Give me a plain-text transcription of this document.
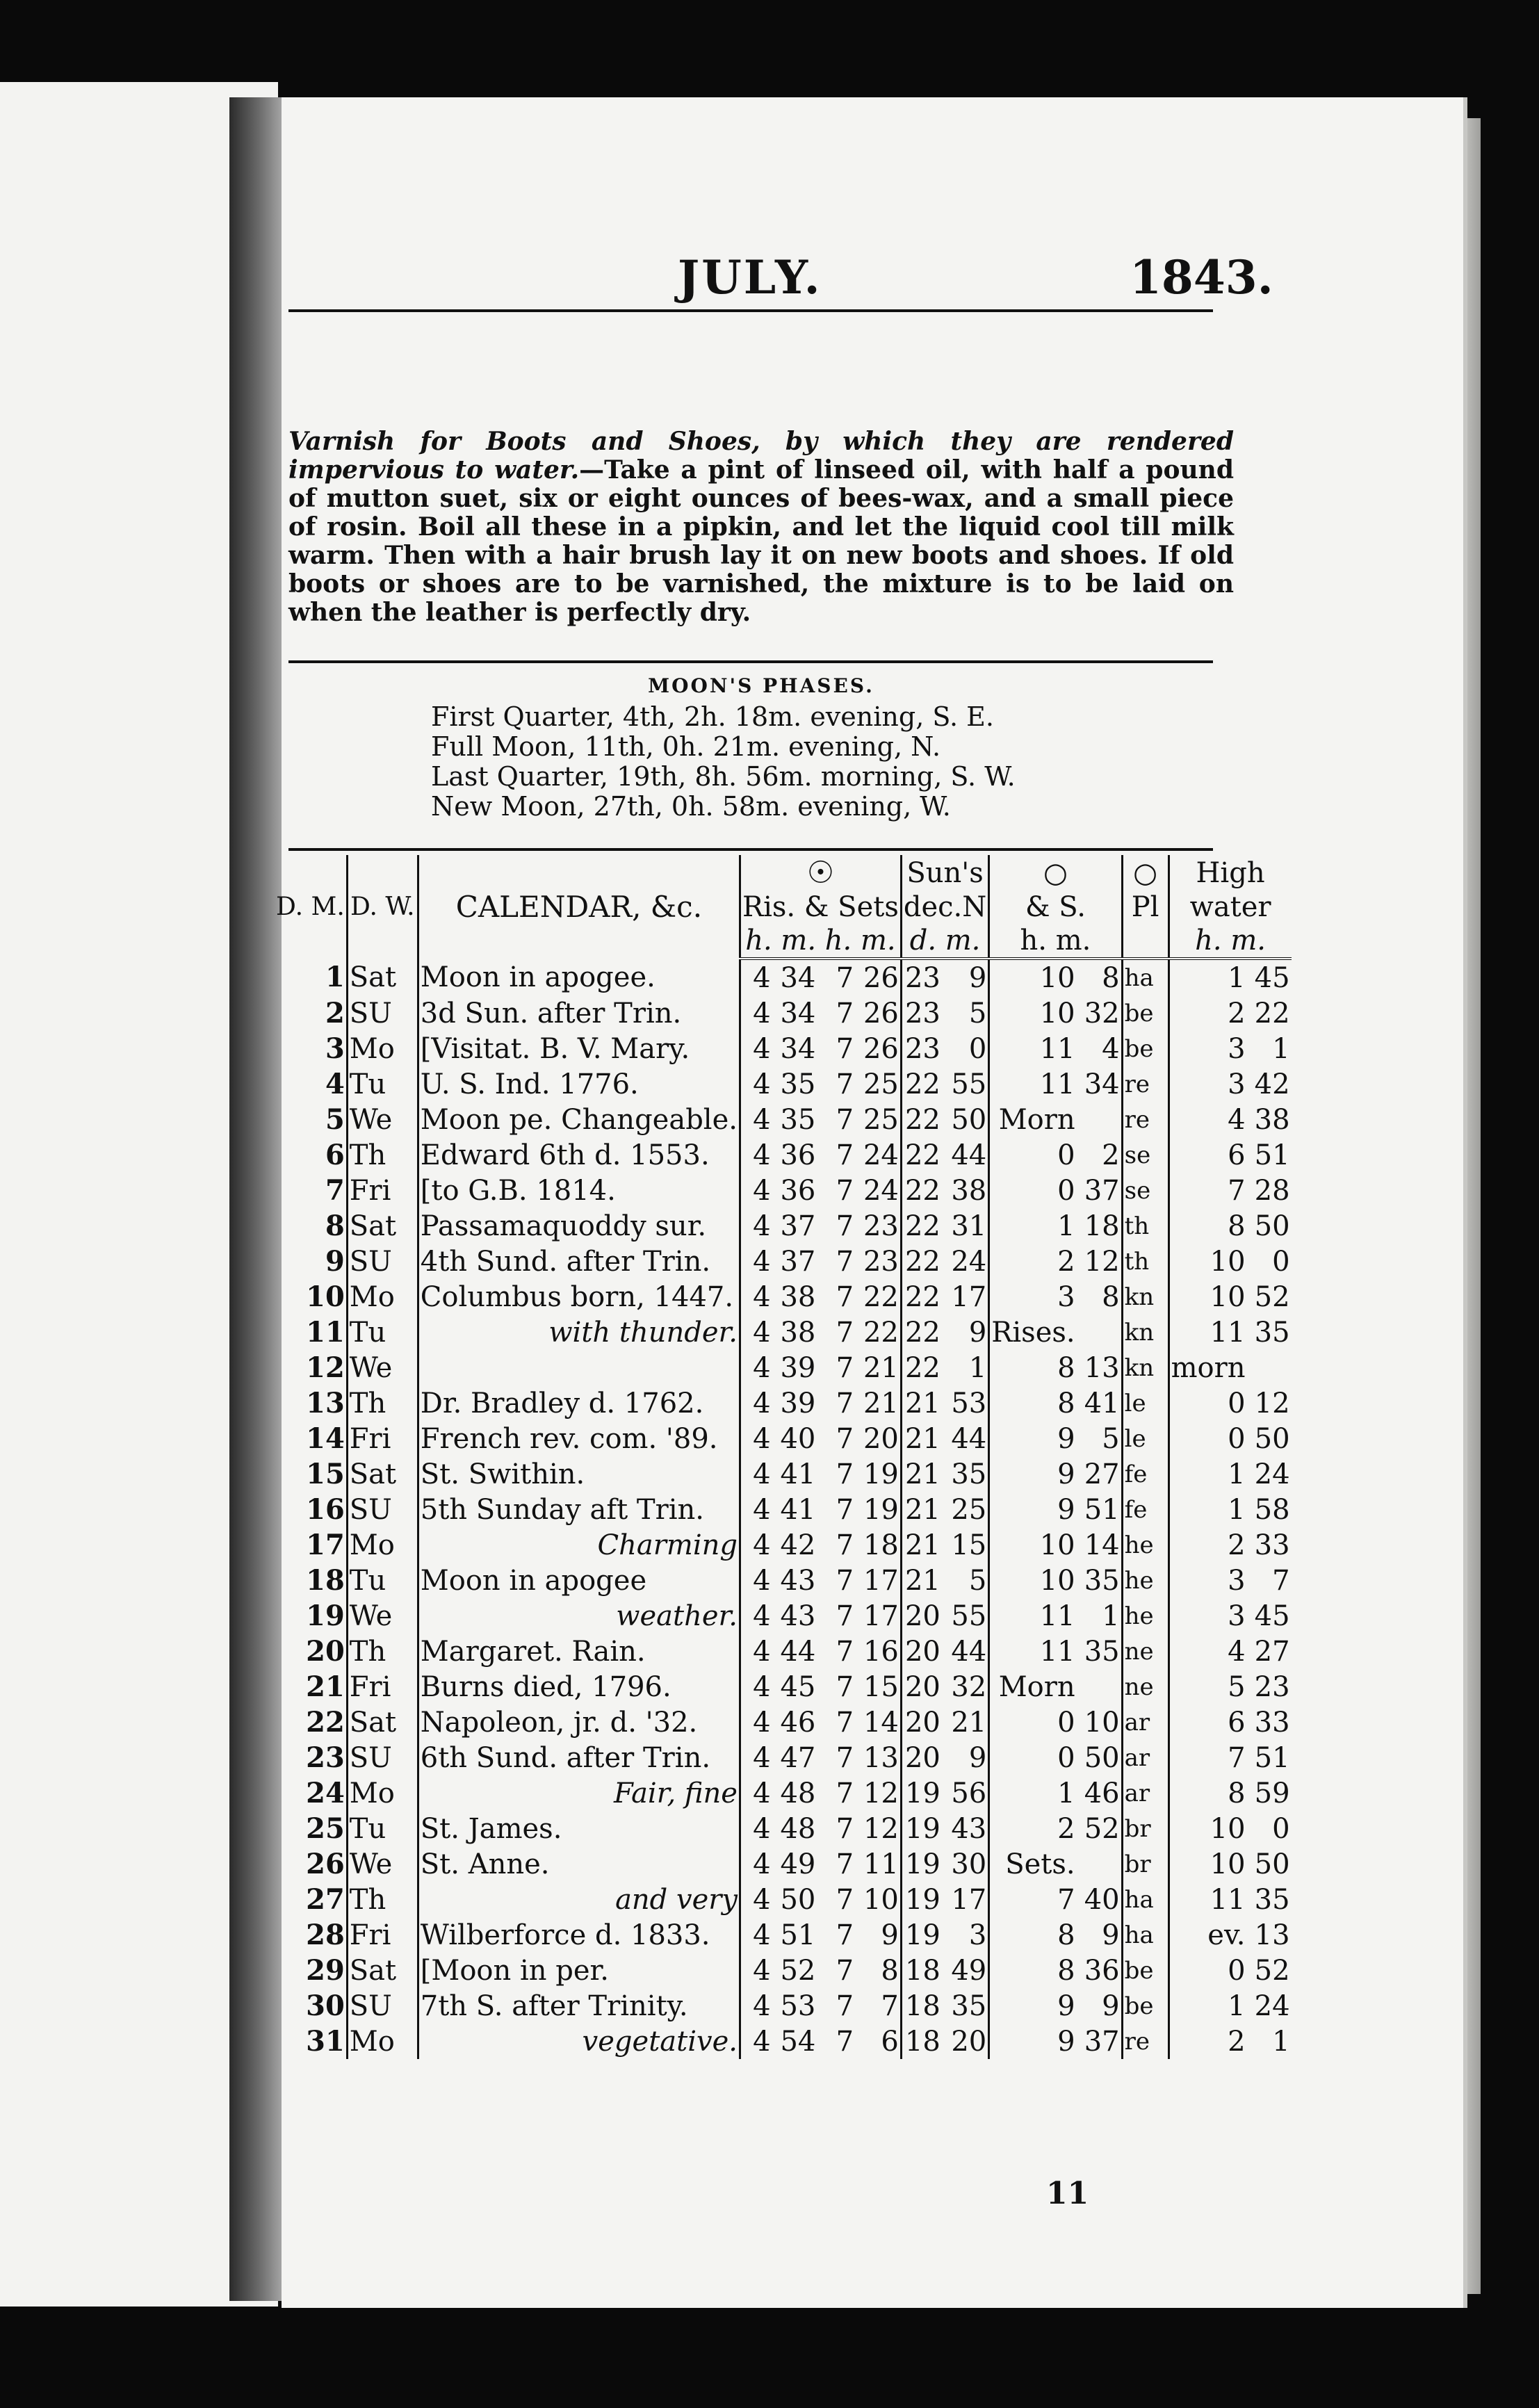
JULY.	1843.
Varnish for Boots and Shoes, by which they are rendered impervious to water.—Take a pint of linseed oil, with half a pound of mutton suet, six or eight ounces of bees-wax, and a small piece of rosin. Boil all these in a pipkin, and let the liquid cool till milk warm. Then with a hair brush lay it on new boots and shoes. If old boots or shoes are to be varnished, the mixture is to be laid on when the leather is perfectly dry.
MOON'S PHASES.
First Quarter, 4th, 2h. 18m. evening, S. E.
Full Moon, 11th, 0h. 21m. evening, N.
Last Quarter, 19th, 8h. 56m. morning, S. W.
New Moon, 27th, 0h. 58m. evening, W.
D. M.	D. W.	CALENDAR, &c.	☉				Sun's		○		○	High	
			Ris. & Sets				dec.N		& S.		Pl	water	
			h. m. h. m.				d. m.		h. m.			h. m.	
1	Sat	Moon in apogee.	4	34	7	26	23	9	10	8	ha	1	45
2	SU	3d Sun. after Trin.	4	34	7	26	23	5	10	32	be	2	22
3	Mo	[Visitat. B. V. Mary.	4	34	7	26	23	0	11	4	be	3	1
4	Tu	U. S. Ind. 1776.	4	35	7	25	22	55	11	34	re	3	42
5	We	Moon pe. Changeable.	4	35	7	25	22	50	Morn		re	4	38
6	Th	Edward 6th d. 1553.	4	36	7	24	22	44	0	2	se	6	51
7	Fri	[to G.B. 1814.	4	36	7	24	22	38	0	37	se	7	28
8	Sat	Passamaquoddy sur.	4	37	7	23	22	31	1	18	th	8	50
9	SU	4th Sund. after Trin.	4	37	7	23	22	24	2	12	th	10	0
10	Mo	Columbus born, 1447.	4	38	7	22	22	17	3	8	kn	10	52
11	Tu	with thunder.	4	38	7	22	22	9	Rises.		kn	11	35
12	We		4	39	7	21	22	1	8	13	kn	morn	
13	Th	Dr. Bradley d. 1762.	4	39	7	21	21	53	8	41	le	0	12
14	Fri	French rev. com. '89.	4	40	7	20	21	44	9	5	le	0	50
15	Sat	St. Swithin.	4	41	7	19	21	35	9	27	fe	1	24
16	SU	5th Sunday aft Trin.	4	41	7	19	21	25	9	51	fe	1	58
17	Mo	Charming	4	42	7	18	21	15	10	14	he	2	33
18	Tu	Moon in apogee	4	43	7	17	21	5	10	35	he	3	7
19	We	weather.	4	43	7	17	20	55	11	1	he	3	45
20	Th	Margaret. Rain.	4	44	7	16	20	44	11	35	ne	4	27
21	Fri	Burns died, 1796.	4	45	7	15	20	32	Morn		ne	5	23
22	Sat	Napoleon, jr. d. '32.	4	46	7	14	20	21	0	10	ar	6	33
23	SU	6th Sund. after Trin.	4	47	7	13	20	9	0	50	ar	7	51
24	Mo	Fair, fine	4	48	7	12	19	56	1	46	ar	8	59
25	Tu	St. James.	4	48	7	12	19	43	2	52	br	10	0
26	We	St. Anne.	4	49	7	11	19	30	Sets.		br	10	50
27	Th	and very	4	50	7	10	19	17	7	40	ha	11	35
28	Fri	Wilberforce d. 1833.	4	51	7	9	19	3	8	9	ha	ev.	13
29	Sat	[Moon in per.	4	52	7	8	18	49	8	36	be	0	52
30	SU	7th S. after Trinity.	4	53	7	7	18	35	9	9	be	1	24
31	Mo	vegetative.	4	54	7	6	18	20	9	37	re	2	1
11
